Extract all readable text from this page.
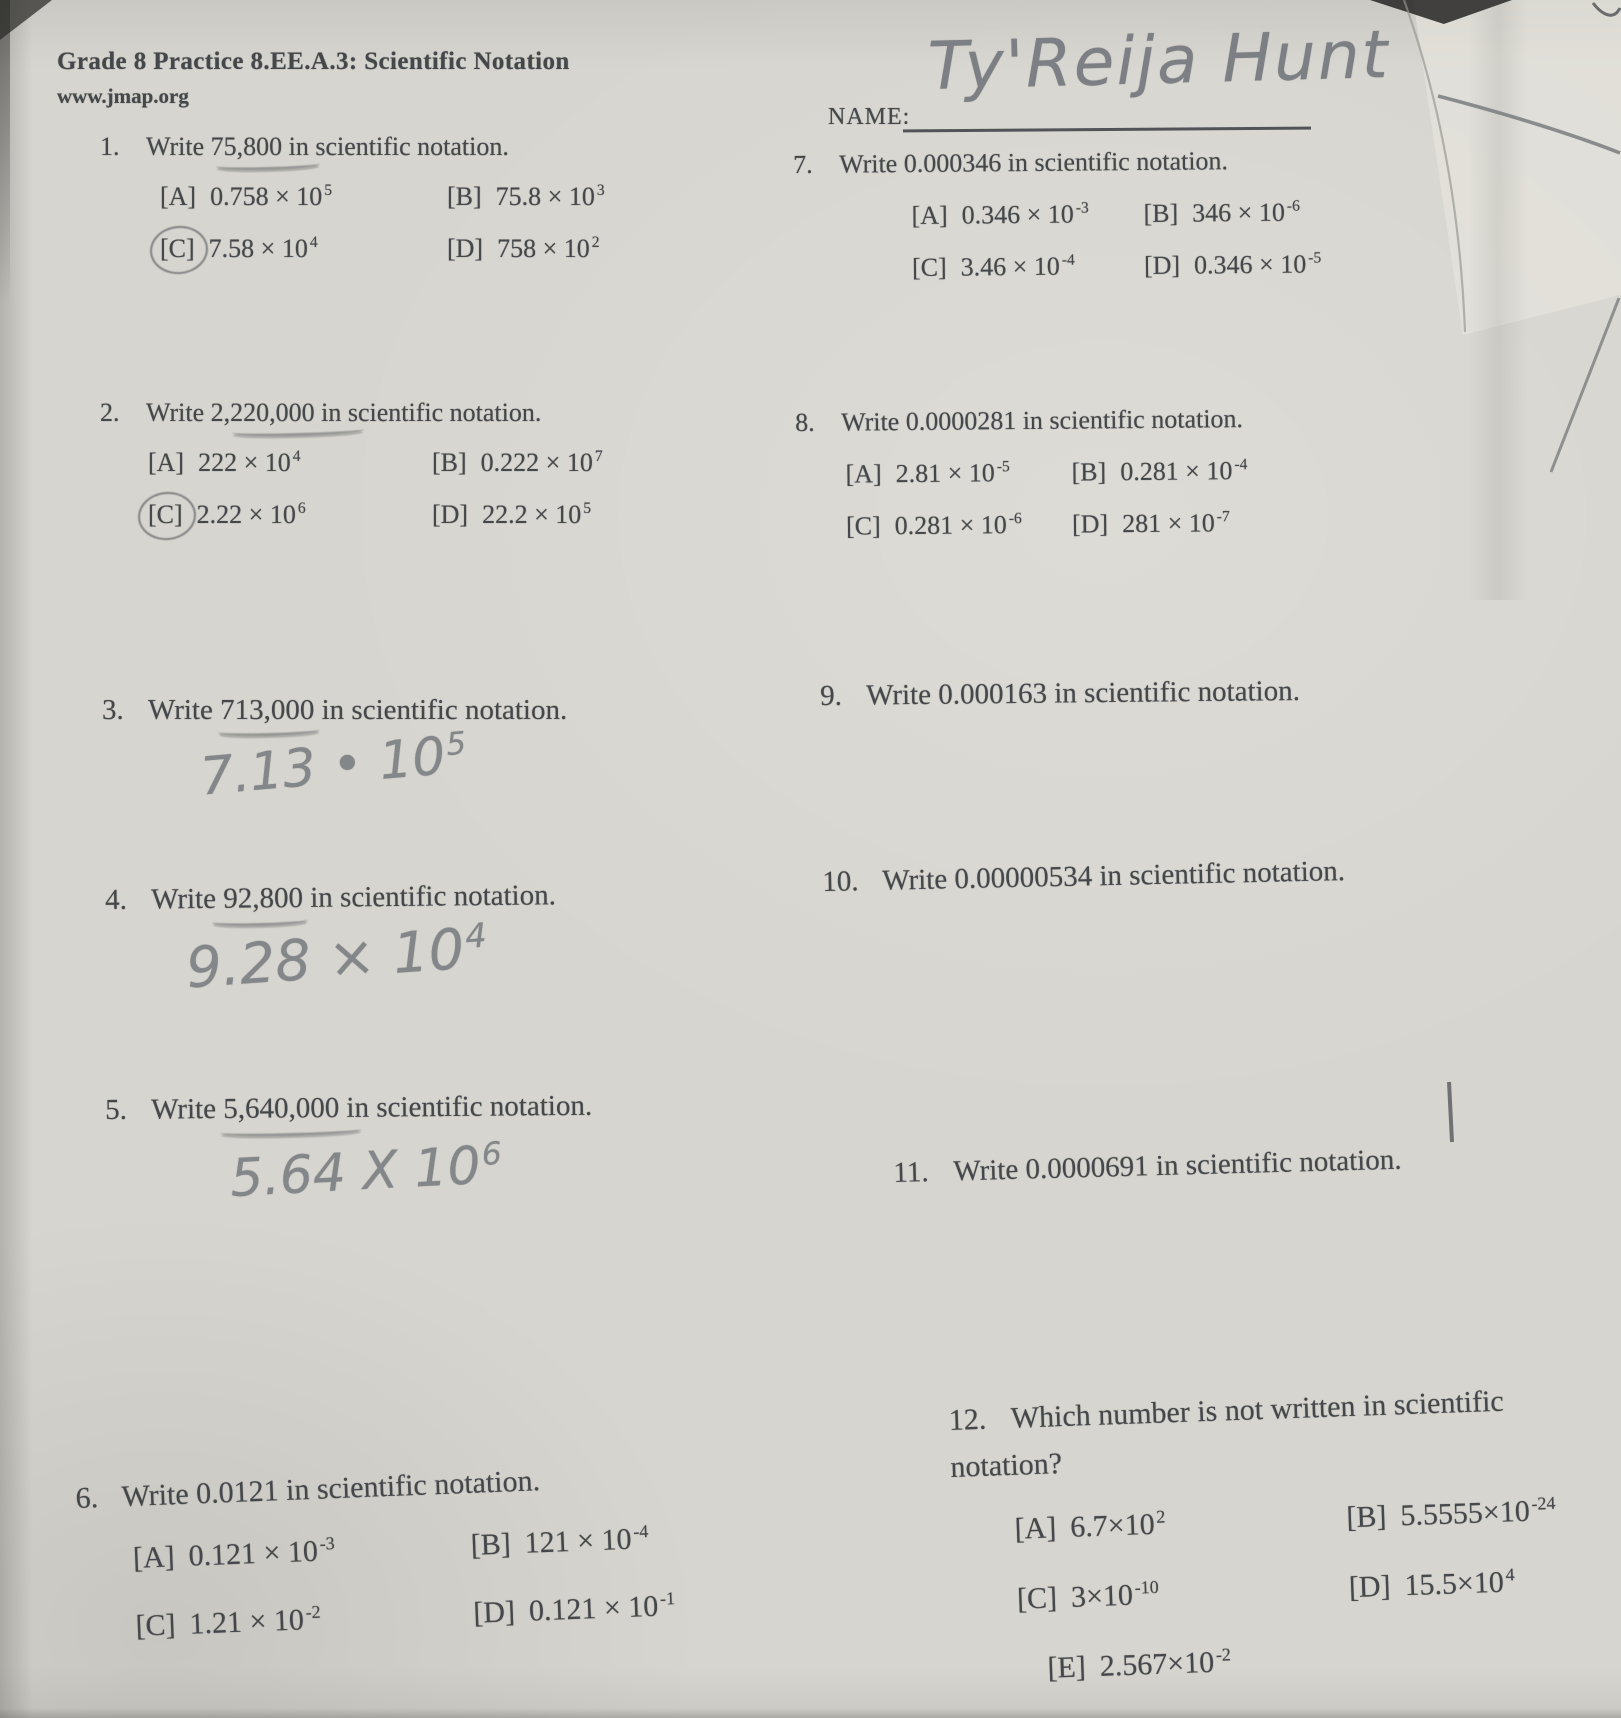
Grade 8 Practice 8.EE.A.3: Scientific Notation
www.jmap.org
NAME:
Ty'Reija Hunt
1. Write 75,800 in scientific notation.
[A] 0.758 × 10 $^5$	[B] 75.8 × 10 $^3$
[C] 7.58 × 10 $^4$	[D] 758 × 10 $^2$
7. Write 0.000346 in scientific notation.
[A] 0.346 × 10 $^{-3}$	[B] 346 × 10 $^{-6}$
[C] 3.46 × 10 $^{-4}$	[D] 0.346 × 10 $^{-5}$
2. Write 2,220,000 in scientific notation.
[A] 222 × 10 $^4$	[B] 0.222 × 10 $^7$
[C] 2.22 × 10 $^6$	[D] 22.2 × 10 $^5$
8. Write 0.0000281 in scientific notation.
[A] 2.81 × 10 $^{-5}$	[B] 0.281 × 10 $^{-4}$
[C] 0.281 × 10 $^{-6}$	[D] 281 × 10 $^{-7}$
3. Write 713,000 in scientific notation.
7.13 • $10^5$
9. Write 0.000163 in scientific notation.
4. Write 92,800 in scientific notation.
$9.28 \times 10^4$
10. Write 0.00000534 in scientific notation.
5. Write 5,640,000 in scientific notation.
5.64 X $10^6$	11. Write 0.0000691 in scientific notation.
6. Write 0.0121 in scientific notation.
[A] $0.121 \times 10^{-3}$	[B] $121 \times 10^{-4}$
[C] $1.21 \times 10^{-2}$	[D] $0.121 \times 10^{-1}$
12. Which number is not written in scientific notation?
[A] $6.7\times 10^2$	[B] $5.5555\times 10^{-24}$
[C] $3\times 10^{-10}$	[D] $15.5\times 10^4$
[E] $2.567\times 10^{-2}$
